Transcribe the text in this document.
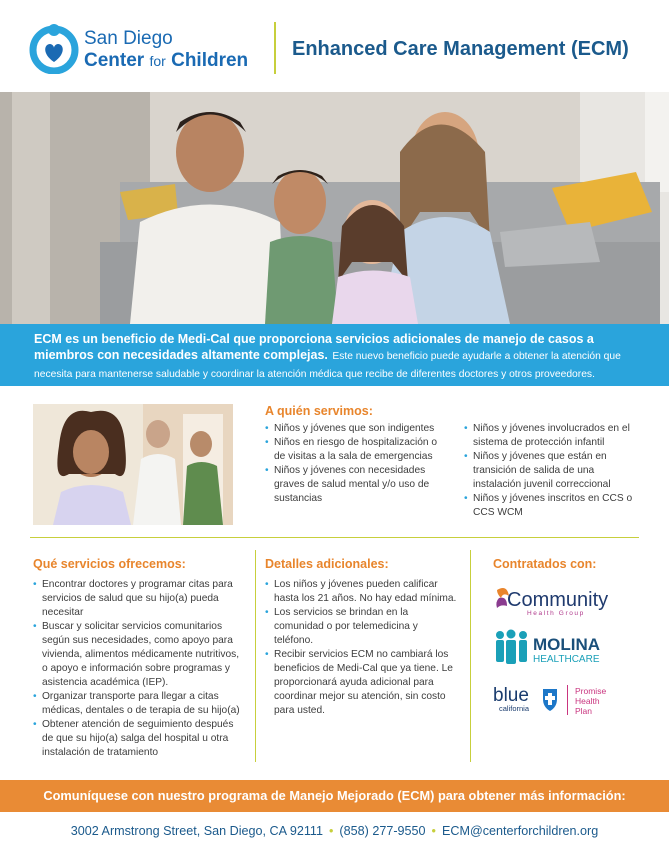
San Diego
Center for Children
Enhanced Care Management (ECM)
ECM es un beneficio de Medi-Cal que proporciona servicios adicionales de manejo de casos a miembros con necesidades altamente complejas. Este nuevo beneficio puede ayudarle a obtener la atención que necesita para mantenerse saludable y coordinar la atención médica que recibe de diferentes doctores y otros proveedores.
A quién servimos:
• Niños y jóvenes que son indigentes
• Niños en riesgo de hospitalización o de visitas a la sala de emergencias
• Niños y jóvenes con necesidades graves de salud mental y/o uso de sustancias
• Niños y jóvenes involucrados en el sistema de protección infantil
• Niños y jóvenes que están en transición de salida de una instalación juvenil correccional
• Niños y jóvenes inscritos en CCS o CCS WCM
Qué servicios ofrecemos:
• Encontrar doctores y programar citas para servicios de salud que su hijo(a) pueda necesitar
• Buscar y solicitar servicios comunitarios según sus necesidades, como apoyo para vivienda, alimentos médicamente nutritivos, o apoyo e información sobre programas y asistencia académica (IEP).
• Organizar transporte para llegar a citas médicas, dentales o de terapia de su hijo(a)
• Obtener atención de seguimiento después de que su hijo(a) salga del hospital u otra instalación de tratamiento
Detalles adicionales:
• Los niños y jóvenes pueden calificar hasta los 21 años. No hay edad mínima.
• Los servicios se brindan en la comunidad o por telemedicina y teléfono.
• Recibir servicios ECM no cambiará los beneficios de Medi-Cal que ya tiene. Le proporcionará ayuda adicional para coordinar mejor su atención, sin costo para usted.
Contratados con:
Community
Health Group
MOLINA
HEALTHCARE
blue
california
Promise
Health
Plan
Comuníquese con nuestro programa de Manejo Mejorado (ECM) para obtener más información:
3002 Armstrong Street, San Diego, CA 92111 • (858) 277-9550 • ECM@centerforchildren.org
